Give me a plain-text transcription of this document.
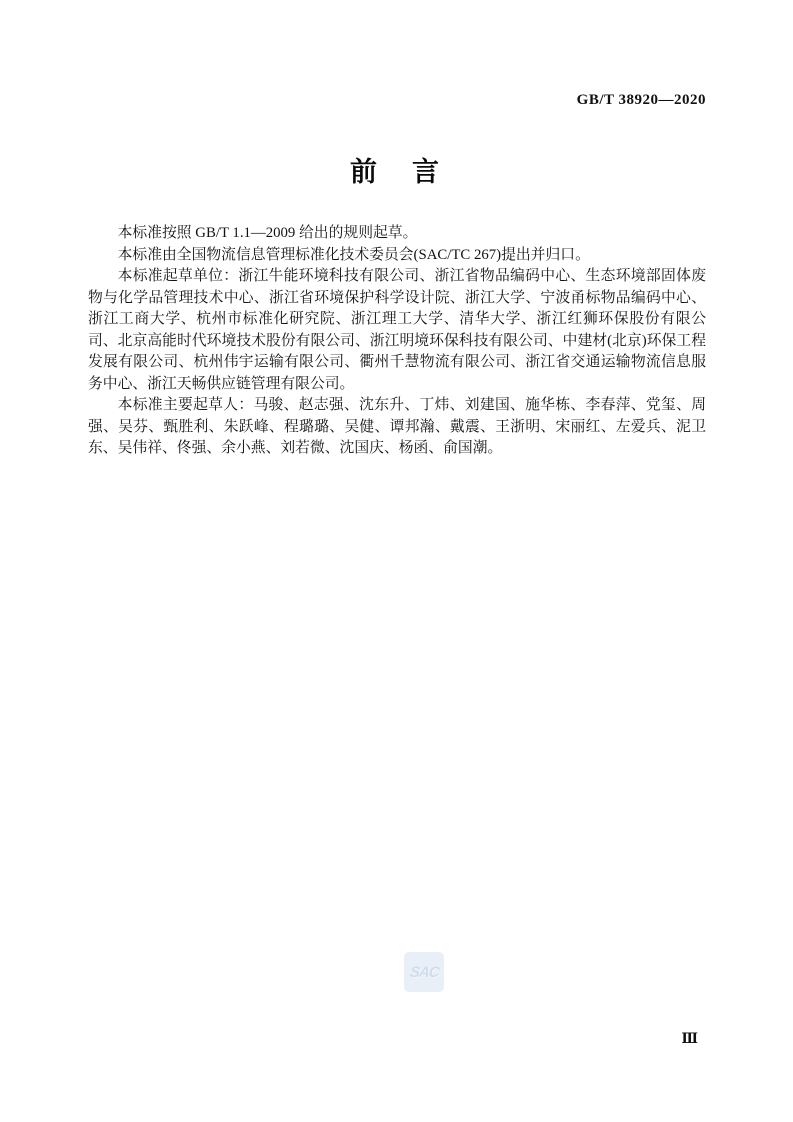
GB/T 38920—2020
前　言

本标准按照 GB/T 1.1—2009 给出的规则起草。

本标准由全国物流信息管理标准化技术委员会(SAC/TC 267)提出并归口。

本标准起草单位：浙江牛能环境科技有限公司、浙江省物品编码中心、生态环境部固体废物与化学品管理技术中心、浙江省环境保护科学设计院、浙江大学、宁波甬标物品编码中心、浙江工商大学、杭州市标准化研究院、浙江理工大学、清华大学、浙江红狮环保股份有限公司、北京高能时代环境技术股份有限公司、浙江明境环保科技有限公司、中建材(北京)环保工程发展有限公司、杭州伟宇运输有限公司、衢州千慧物流有限公司、浙江省交通运输物流信息服务中心、浙江天畅供应链管理有限公司。

本标准主要起草人：马骏、赵志强、沈东升、丁炜、刘建国、施华栋、李春萍、党玺、周强、吴芬、甄胜利、朱跃峰、程璐璐、吴健、谭邦瀚、戴震、王浙明、宋丽红、左爱兵、泥卫东、吴伟祥、佟强、余小燕、刘若微、沈国庆、杨函、俞国潮。

SAC
Ⅲ
